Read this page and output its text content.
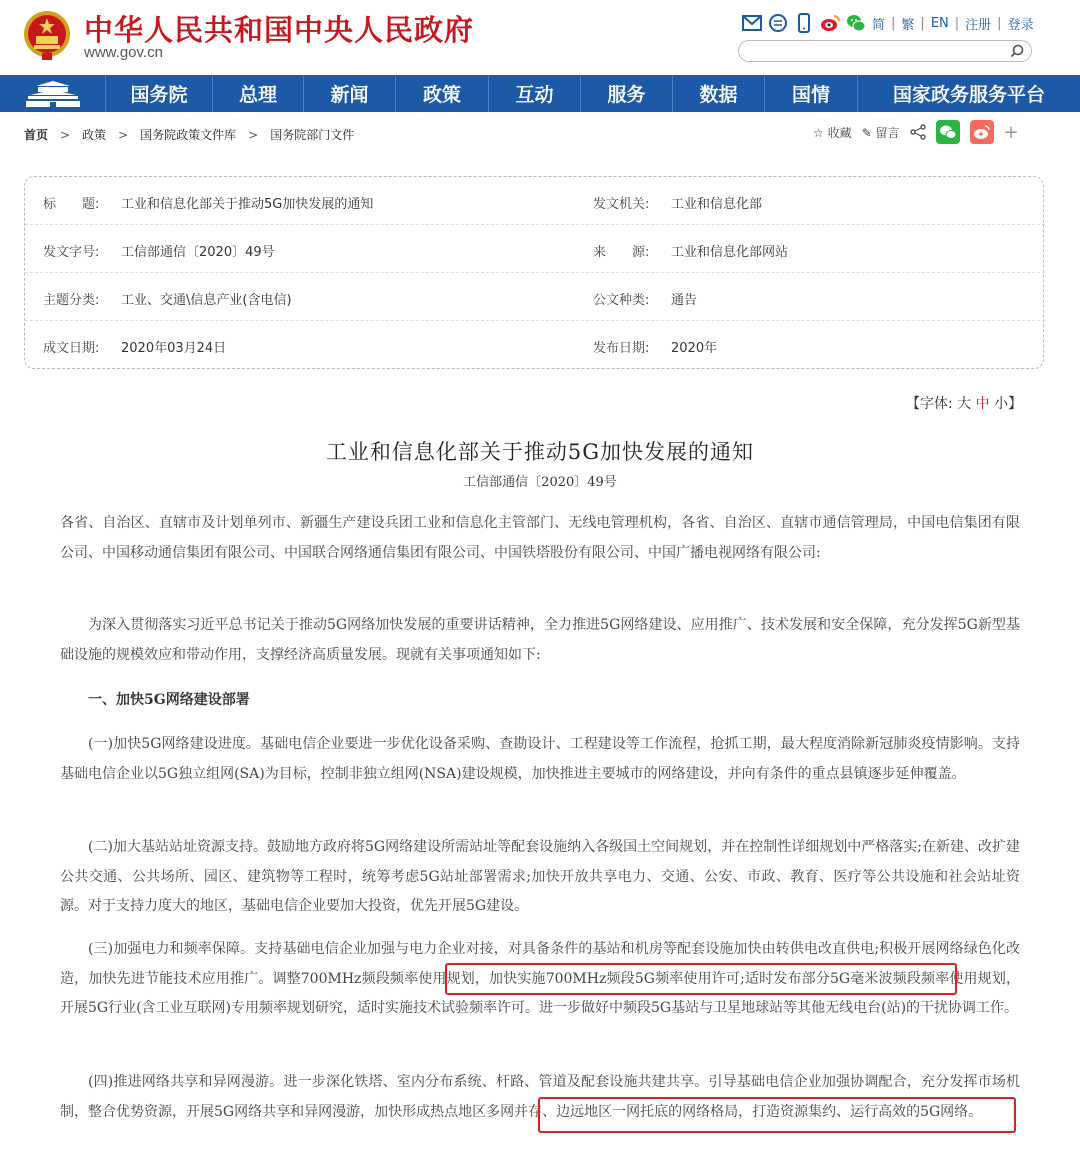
中华人民共和国中央人民政府
www.gov.cn
简 | 繁 | EN | 注册 | 登录
国务院	总理	新闻	政策	互动	服务	数据	国情	国家政务服务平台
首页 > 政策 > 国务院政策文件库 > 国务院部门文件	☆ 收藏 ✎ 留言	+
标　　题: 工业和信息化部关于推动5G加快发展的通知	发文机关: 工业和信息化部
发文字号: 工信部通信〔2020〕49号	来　　源: 工业和信息化部网站
主题分类: 工业、交通\信息产业(含电信)	公文种类: 通告
成文日期: 2020年03月24日	发布日期: 2020年
【字体: 大 中 小】
工业和信息化部关于推动5G加快发展的通知
工信部通信〔2020〕49号
各省、自治区、直辖市及计划单列市、新疆生产建设兵团工业和信息化主管部门、无线电管理机构，各省、自治区、直辖市通信管理局，中国电信集团有限公司、中国移动通信集团有限公司、中国联合网络通信集团有限公司、中国铁塔股份有限公司、中国广播电视网络有限公司:
为深入贯彻落实习近平总书记关于推动5G网络加快发展的重要讲话精神，全力推进5G网络建设、应用推广、技术发展和安全保障，充分发挥5G新型基础设施的规模效应和带动作用，支撑经济高质量发展。现就有关事项通知如下:
一、加快5G网络建设部署
(一)加快5G网络建设进度。基础电信企业要进一步优化设备采购、查勘设计、工程建设等工作流程，抢抓工期，最大程度消除新冠肺炎疫情影响。支持基础电信企业以5G独立组网(SA)为目标，控制非独立组网(NSA)建设规模，加快推进主要城市的网络建设，并向有条件的重点县镇逐步延伸覆盖。
(二)加大基站站址资源支持。鼓励地方政府将5G网络建设所需站址等配套设施纳入各级国土空间规划，并在控制性详细规划中严格落实;在新建、改扩建公共交通、公共场所、园区、建筑物等工程时，统筹考虑5G站址部署需求;加快开放共享电力、交通、公安、市政、教育、医疗等公共设施和社会站址资源。对于支持力度大的地区，基础电信企业要加大投资，优先开展5G建设。
(三)加强电力和频率保障。支持基础电信企业加强与电力企业对接，对具备条件的基站和机房等配套设施加快由转供电改直供电;积极开展网络绿色化改造，加快先进节能技术应用推广。调整700MHz频段频率使用规划，加快实施700MHz频段5G频率使用许可;适时发布部分5G毫米波频段频率使用规划，开展5G行业(含工业互联网)专用频率规划研究，适时实施技术试验频率许可。进一步做好中频段5G基站与卫星地球站等其他无线电台(站)的干扰协调工作。
(四)推进网络共享和异网漫游。进一步深化铁塔、室内分布系统、杆路、管道及配套设施共建共享。引导基础电信企业加强协调配合，充分发挥市场机制，整合优势资源，开展5G网络共享和异网漫游，加快形成热点地区多网并存、边远地区一网托底的网络格局，打造资源集约、运行高效的5G网络。
